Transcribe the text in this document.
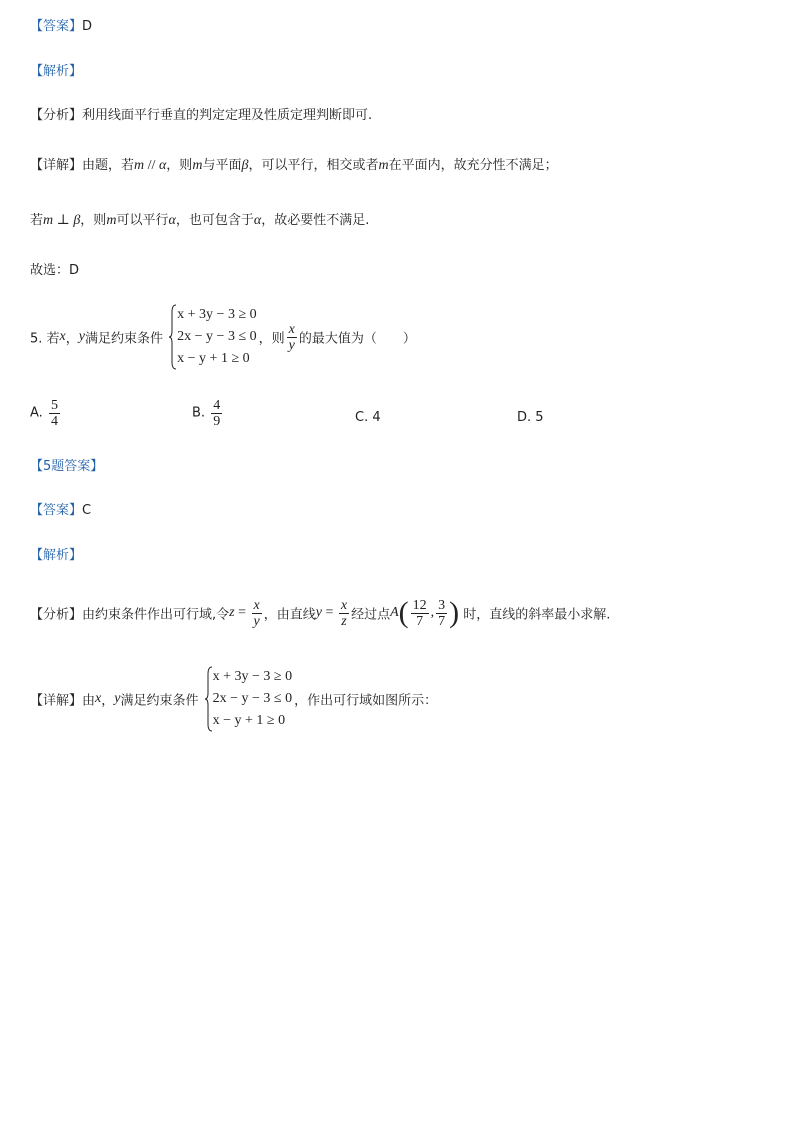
【答案】D
【解析】
【分析】利用线面平行垂直的判定定理及性质定理判断即可.
【详解】由题，若m // α，则m与平面β，可以平行，相交或者m在平面内，故充分性不满足；
若m ⊥ β，则m可以平行α，也可包含于α，故必要性不满足.
故选：D
5. 若x，y满足约束条件
x + 3y − 3 ≥ 0
2x − y − 3 ≤ 0
x − y + 1 ≥ 0
，则 $\frac{x}{y}$ 的最大值为（　　）
A. $\frac{5}{4}$	B. $\frac{4}{9}$	C. 4	D. 5
【5题答案】
【答案】C
【解析】
【分析】由约束条件作出可行域,令$z = \frac{x}{y}$ ，由直线$y = \frac{x}{z}$ 经过点$A( \frac{12}{7}$ , $\frac{3}{7}$ ) 时，直线的斜率最小求解.
【详解】由x，y满足约束条件
x + 3y − 3 ≥ 0
2x − y − 3 ≤ 0
x − y + 1 ≥ 0
，作出可行域如图所示：
